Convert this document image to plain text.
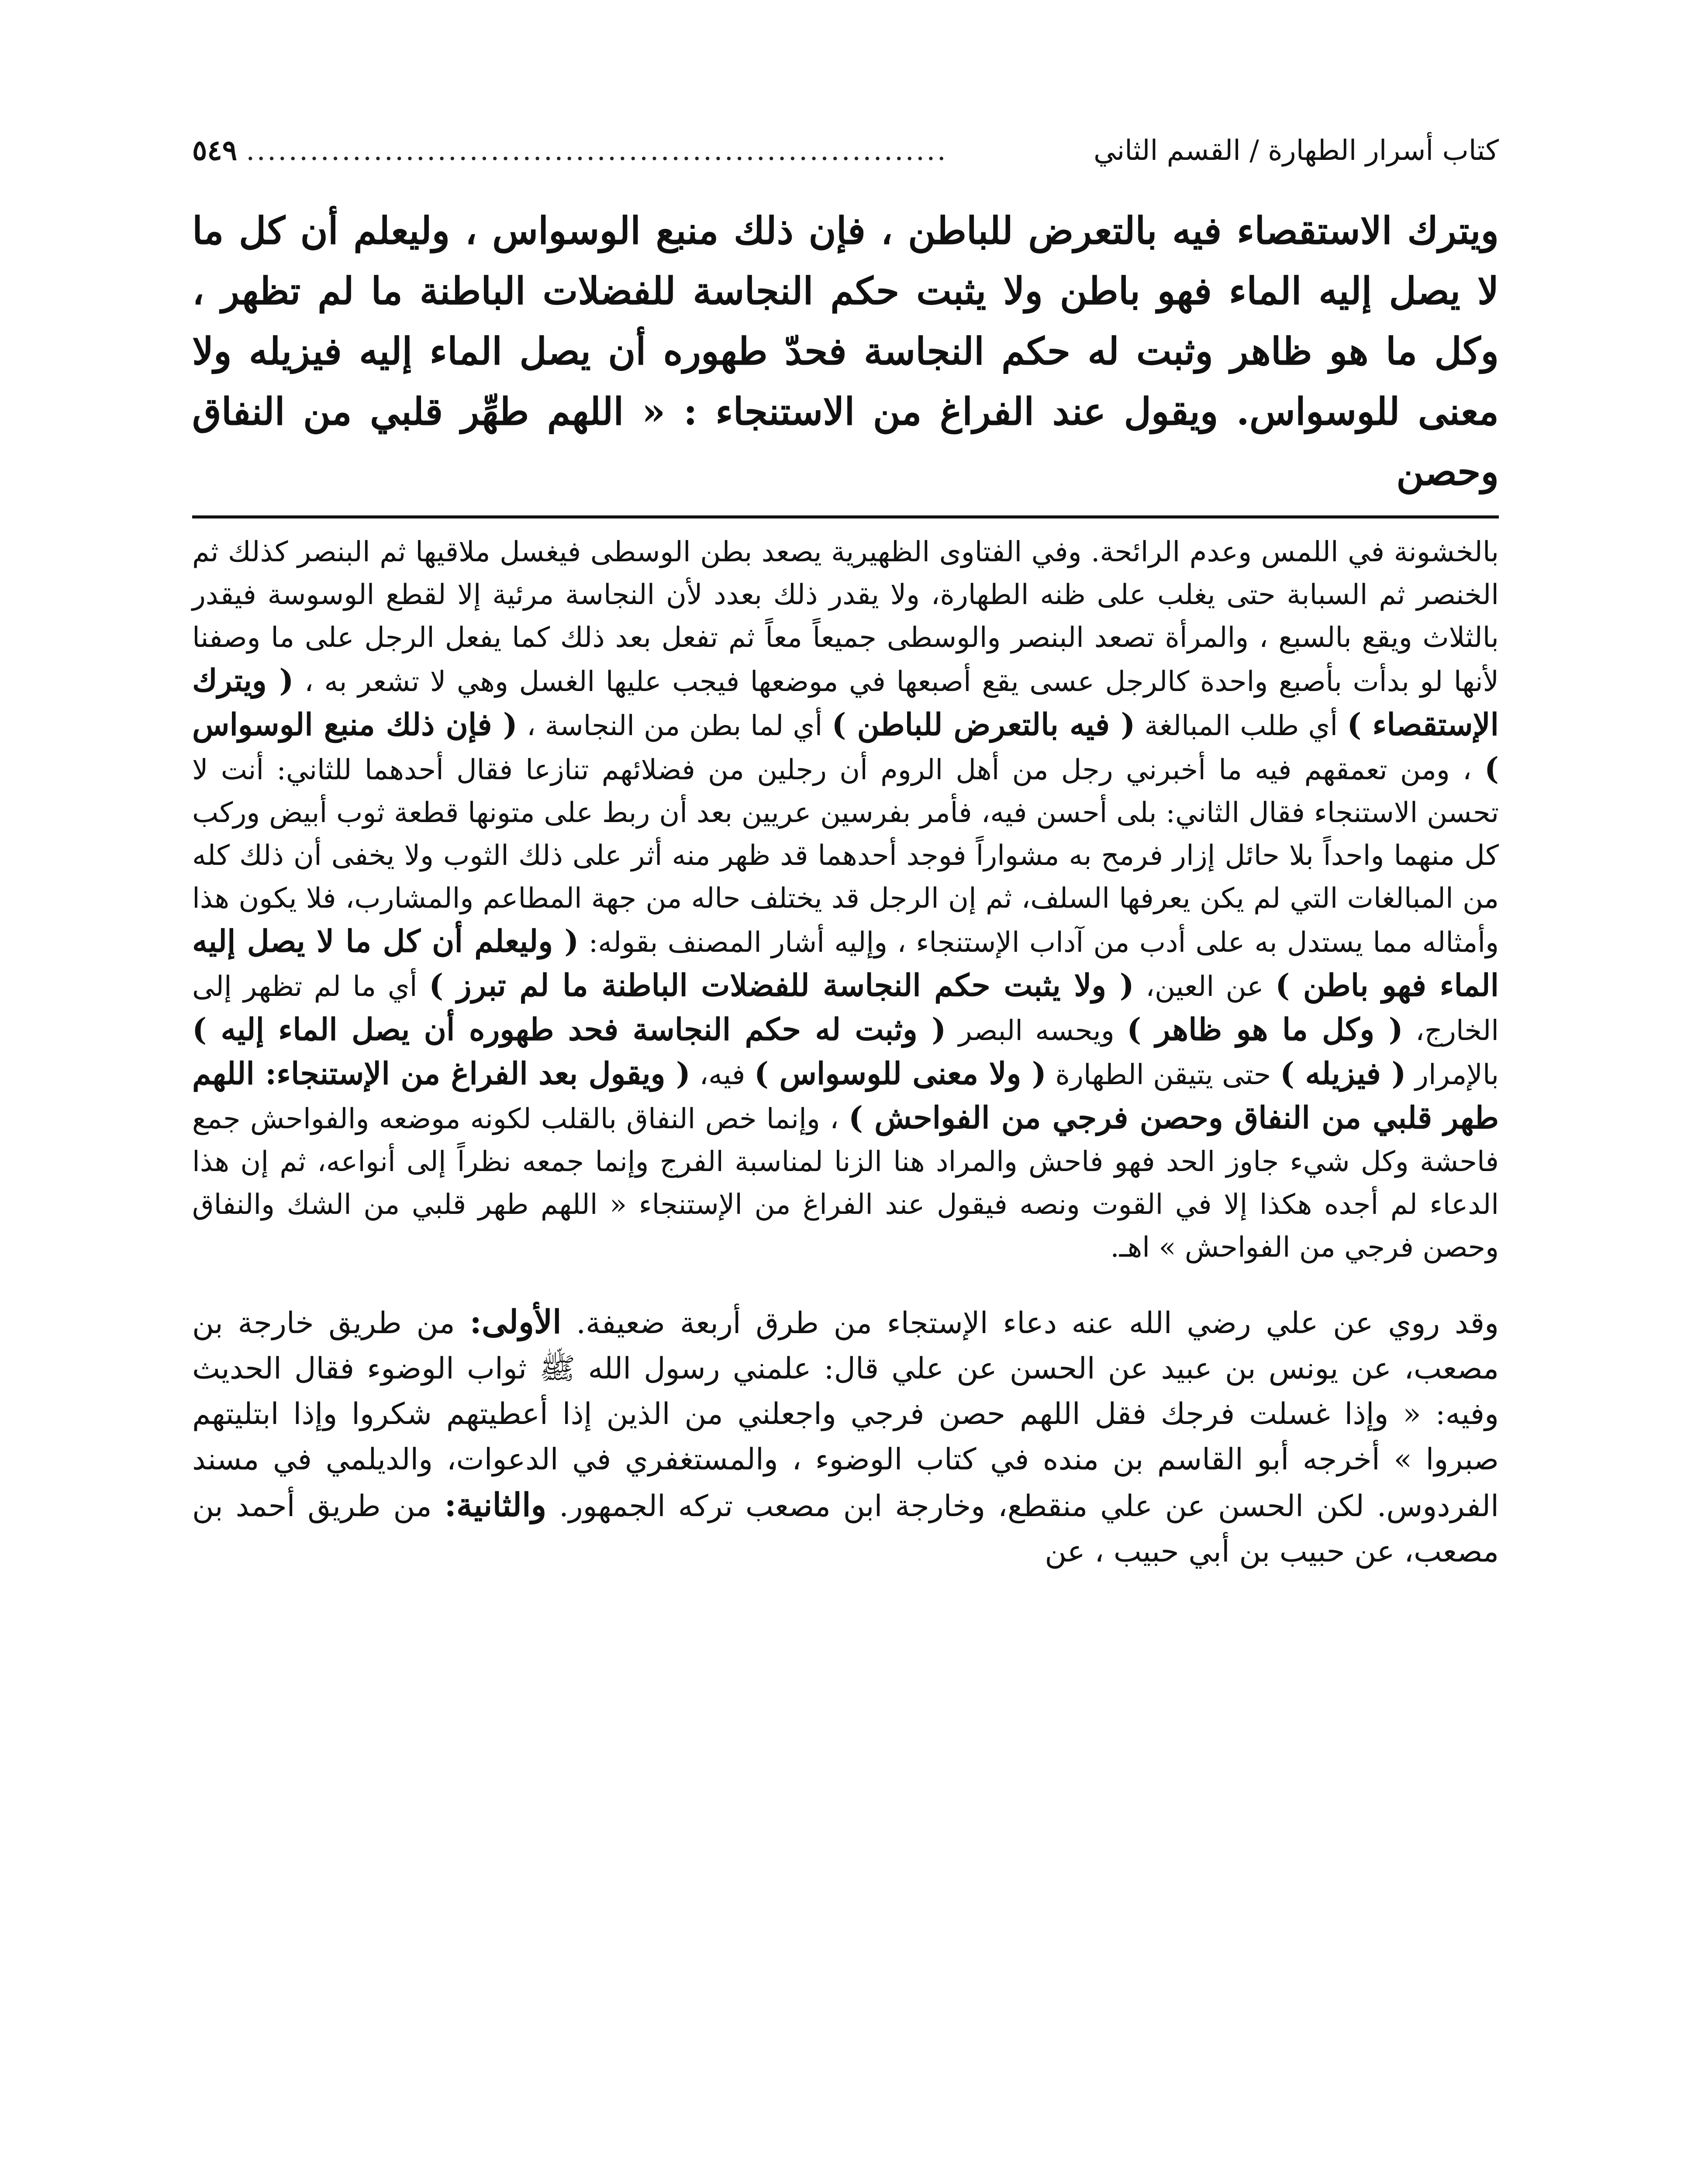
كتاب أسرار الطهارة / القسم الثاني
..................................................................
٥٤٩
ويترك الاستقصاء فيه بالتعرض للباطن ، فإن ذلك منبع الوسواس ، وليعلم أن كل ما لا يصل إليه الماء فهو باطن ولا يثبت حكم النجاسة للفضلات الباطنة ما لم تظهر ، وكل ما هو ظاهر وثبت له حكم النجاسة فحدّ طهوره أن يصل الماء إليه فيزيله ولا معنى للوسواس. ويقول عند الفراغ من الاستنجاء : « اللهم طهِّر قلبي من النفاق وحصن
بالخشونة في اللمس وعدم الرائحة. وفي الفتاوى الظهيرية يصعد بطن الوسطى فيغسل ملاقيها ثم البنصر كذلك ثم الخنصر ثم السبابة حتى يغلب على ظنه الطهارة، ولا يقدر ذلك بعدد لأن النجاسة مرئية إلا لقطع الوسوسة فيقدر بالثلاث ويقع بالسبع ، والمرأة تصعد البنصر والوسطى جميعاً معاً ثم تفعل بعد ذلك كما يفعل الرجل على ما وصفنا لأنها لو بدأت بأصبع واحدة كالرجل عسى يقع أصبعها في موضعها فيجب عليها الغسل وهي لا تشعر به ، ( ويترك الإستقصاء ) أي طلب المبالغة ( فيه بالتعرض للباطن ) أي لما بطن من النجاسة ، ( فإن ذلك منبع الوسواس ) ، ومن تعمقهم فيه ما أخبرني رجل من أهل الروم أن رجلين من فضلائهم تنازعا فقال أحدهما للثاني: أنت لا تحسن الاستنجاء فقال الثاني: بلى أحسن فيه، فأمر بفرسين عريين بعد أن ربط على متونها قطعة ثوب أبيض وركب كل منهما واحداً بلا حائل إزار فرمح به مشواراً فوجد أحدهما قد ظهر منه أثر على ذلك الثوب ولا يخفى أن ذلك كله من المبالغات التي لم يكن يعرفها السلف، ثم إن الرجل قد يختلف حاله من جهة المطاعم والمشارب، فلا يكون هذا وأمثاله مما يستدل به على أدب من آداب الإستنجاء ، وإليه أشار المصنف بقوله: ( وليعلم أن كل ما لا يصل إليه الماء فهو باطن ) عن العين، ( ولا يثبت حكم النجاسة للفضلات الباطنة ما لم تبرز ) أي ما لم تظهر إلى الخارج، ( وكل ما هو ظاهر ) ويحسه البصر ( وثبت له حكم النجاسة فحد طهوره أن يصل الماء إليه ) بالإمرار ( فيزيله ) حتى يتيقن الطهارة ( ولا معنى للوسواس ) فيه، ( ويقول بعد الفراغ من الإستنجاء: اللهم طهر قلبي من النفاق وحصن فرجي من الفواحش ) ، وإنما خص النفاق بالقلب لكونه موضعه والفواحش جمع فاحشة وكل شيء جاوز الحد فهو فاحش والمراد هنا الزنا لمناسبة الفرج وإنما جمعه نظراً إلى أنواعه، ثم إن هذا الدعاء لم أجده هكذا إلا في القوت ونصه فيقول عند الفراغ من الإستنجاء « اللهم طهر قلبي من الشك والنفاق وحصن فرجي من الفواحش » اهـ.
وقد روي عن علي رضي الله عنه دعاء الإستجاء من طرق أربعة ضعيفة. الأولى: من طريق خارجة بن مصعب، عن يونس بن عبيد عن الحسن عن علي قال: علمني رسول الله ﷺ ثواب الوضوء فقال الحديث وفيه: « وإذا غسلت فرجك فقل اللهم حصن فرجي واجعلني من الذين إذا أعطيتهم شكروا وإذا ابتليتهم صبروا » أخرجه أبو القاسم بن منده في كتاب الوضوء ، والمستغفري في الدعوات، والديلمي في مسند الفردوس. لكن الحسن عن علي منقطع، وخارجة ابن مصعب تركه الجمهور. والثانية: من طريق أحمد بن مصعب، عن حبيب بن أبي حبيب ، عن
